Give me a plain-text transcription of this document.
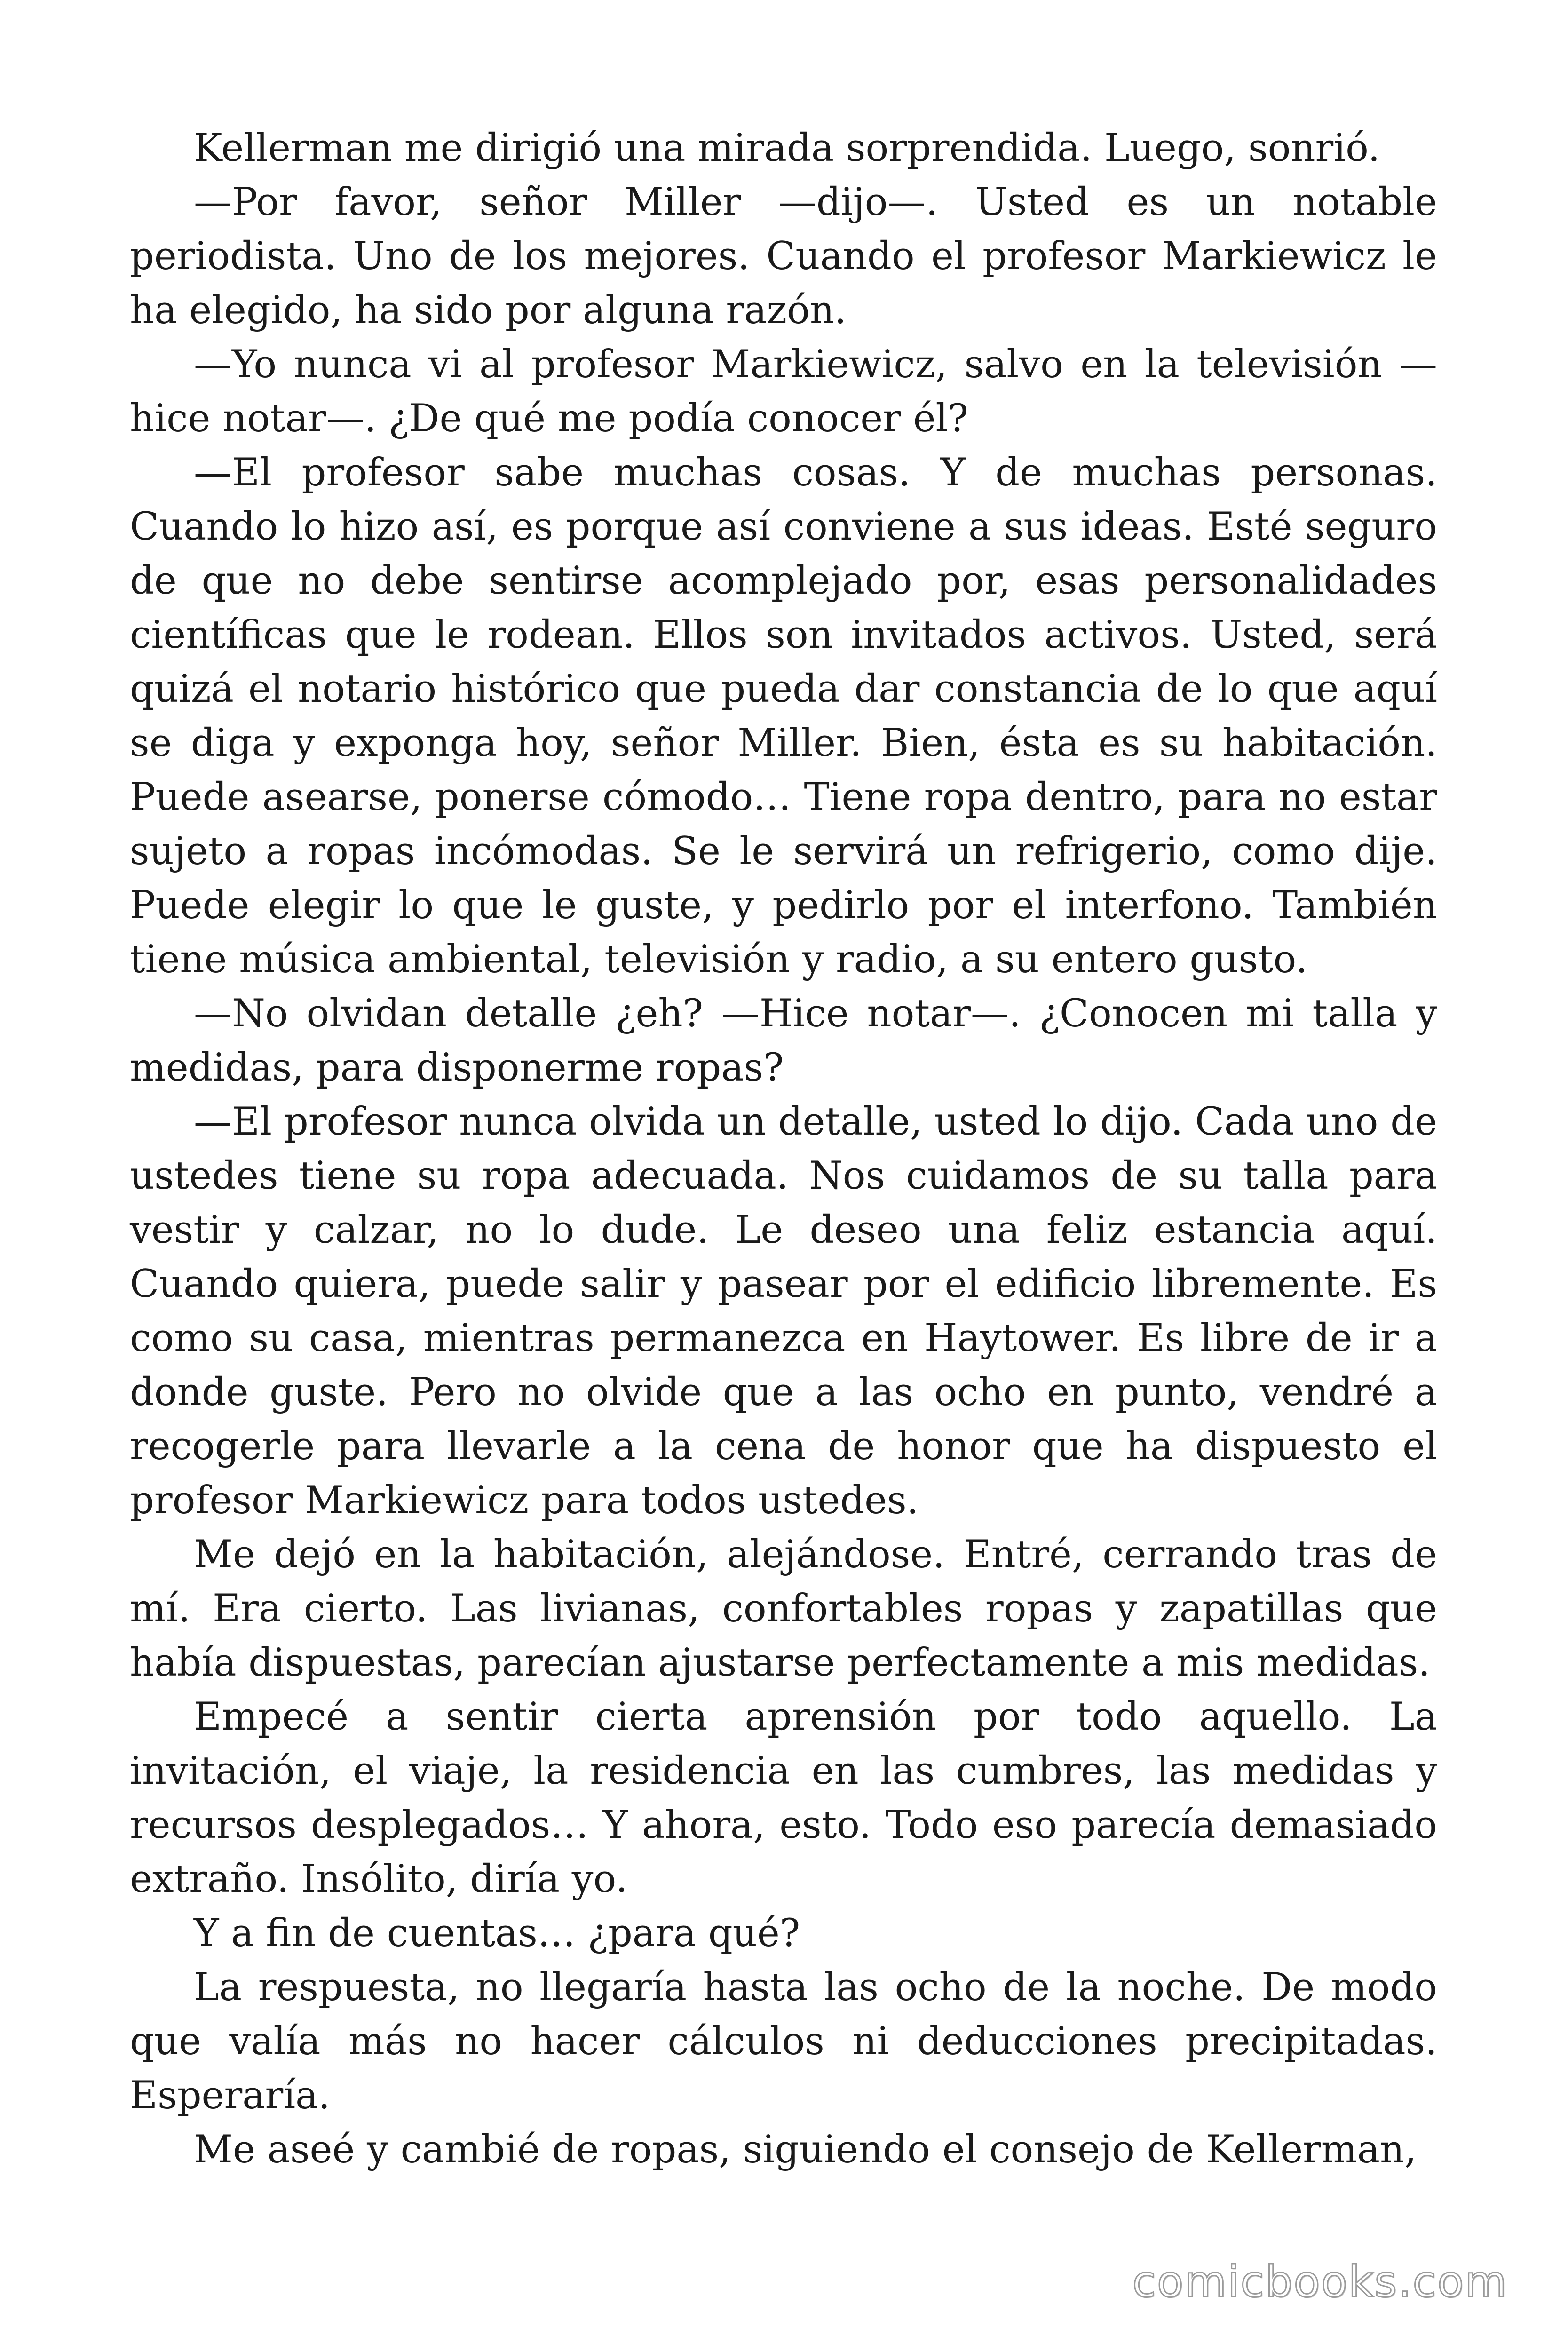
Kellerman me dirigió una mirada sorprendida. Luego, sonrió.

—Por favor, señor Miller —dijo—. Usted es un notable periodista. Uno de los mejores. Cuando el profesor Markiewicz le ha elegido, ha sido por alguna razón.

—Yo nunca vi al profesor Markiewicz, salvo en la televisión — hice notar—. ¿De qué me podía conocer él?

—El profesor sabe muchas cosas. Y de muchas personas. Cuando lo hizo así, es porque así conviene a sus ideas. Esté seguro de que no debe sentirse acomplejado por, esas personalidades científicas que le rodean. Ellos son invitados activos. Usted, será quizá el notario histórico que pueda dar constancia de lo que aquí se diga y exponga hoy, señor Miller. Bien, ésta es su habitación. Puede asearse, ponerse cómodo… Tiene ropa dentro, para no estar sujeto a ropas incómodas. Se le servirá un refrigerio, como dije. Puede elegir lo que le guste, y pedirlo por el interfono. También tiene música ambiental, televisión y radio, a su entero gusto.

—No olvidan detalle ¿eh? —Hice notar—. ¿Conocen mi talla y medidas, para disponerme ropas?

—El profesor nunca olvida un detalle, usted lo dijo. Cada uno de ustedes tiene su ropa adecuada. Nos cuidamos de su talla para vestir y calzar, no lo dude. Le deseo una feliz estancia aquí. Cuando quiera, puede salir y pasear por el edificio libremente. Es como su casa, mientras permanezca en Haytower. Es libre de ir a donde guste. Pero no olvide que a las ocho en punto, vendré a recogerle para llevarle a la cena de honor que ha dispuesto el profesor Markiewicz para todos ustedes.

Me dejó en la habitación, alejándose. Entré, cerrando tras de mí. Era cierto. Las livianas, confortables ropas y zapatillas que había dispuestas, parecían ajustarse perfectamente a mis medidas.

Empecé a sentir cierta aprensión por todo aquello. La invitación, el viaje, la residencia en las cumbres, las medidas y recursos desplegados… Y ahora, esto. Todo eso parecía demasiado extraño. Insólito, diría yo.

Y a fin de cuentas… ¿para qué?

La respuesta, no llegaría hasta las ocho de la noche. De modo que valía más no hacer cálculos ni deducciones precipitadas. Esperaría.

Me aseé y cambié de ropas, siguiendo el consejo de Kellerman,

comicbooks.com
